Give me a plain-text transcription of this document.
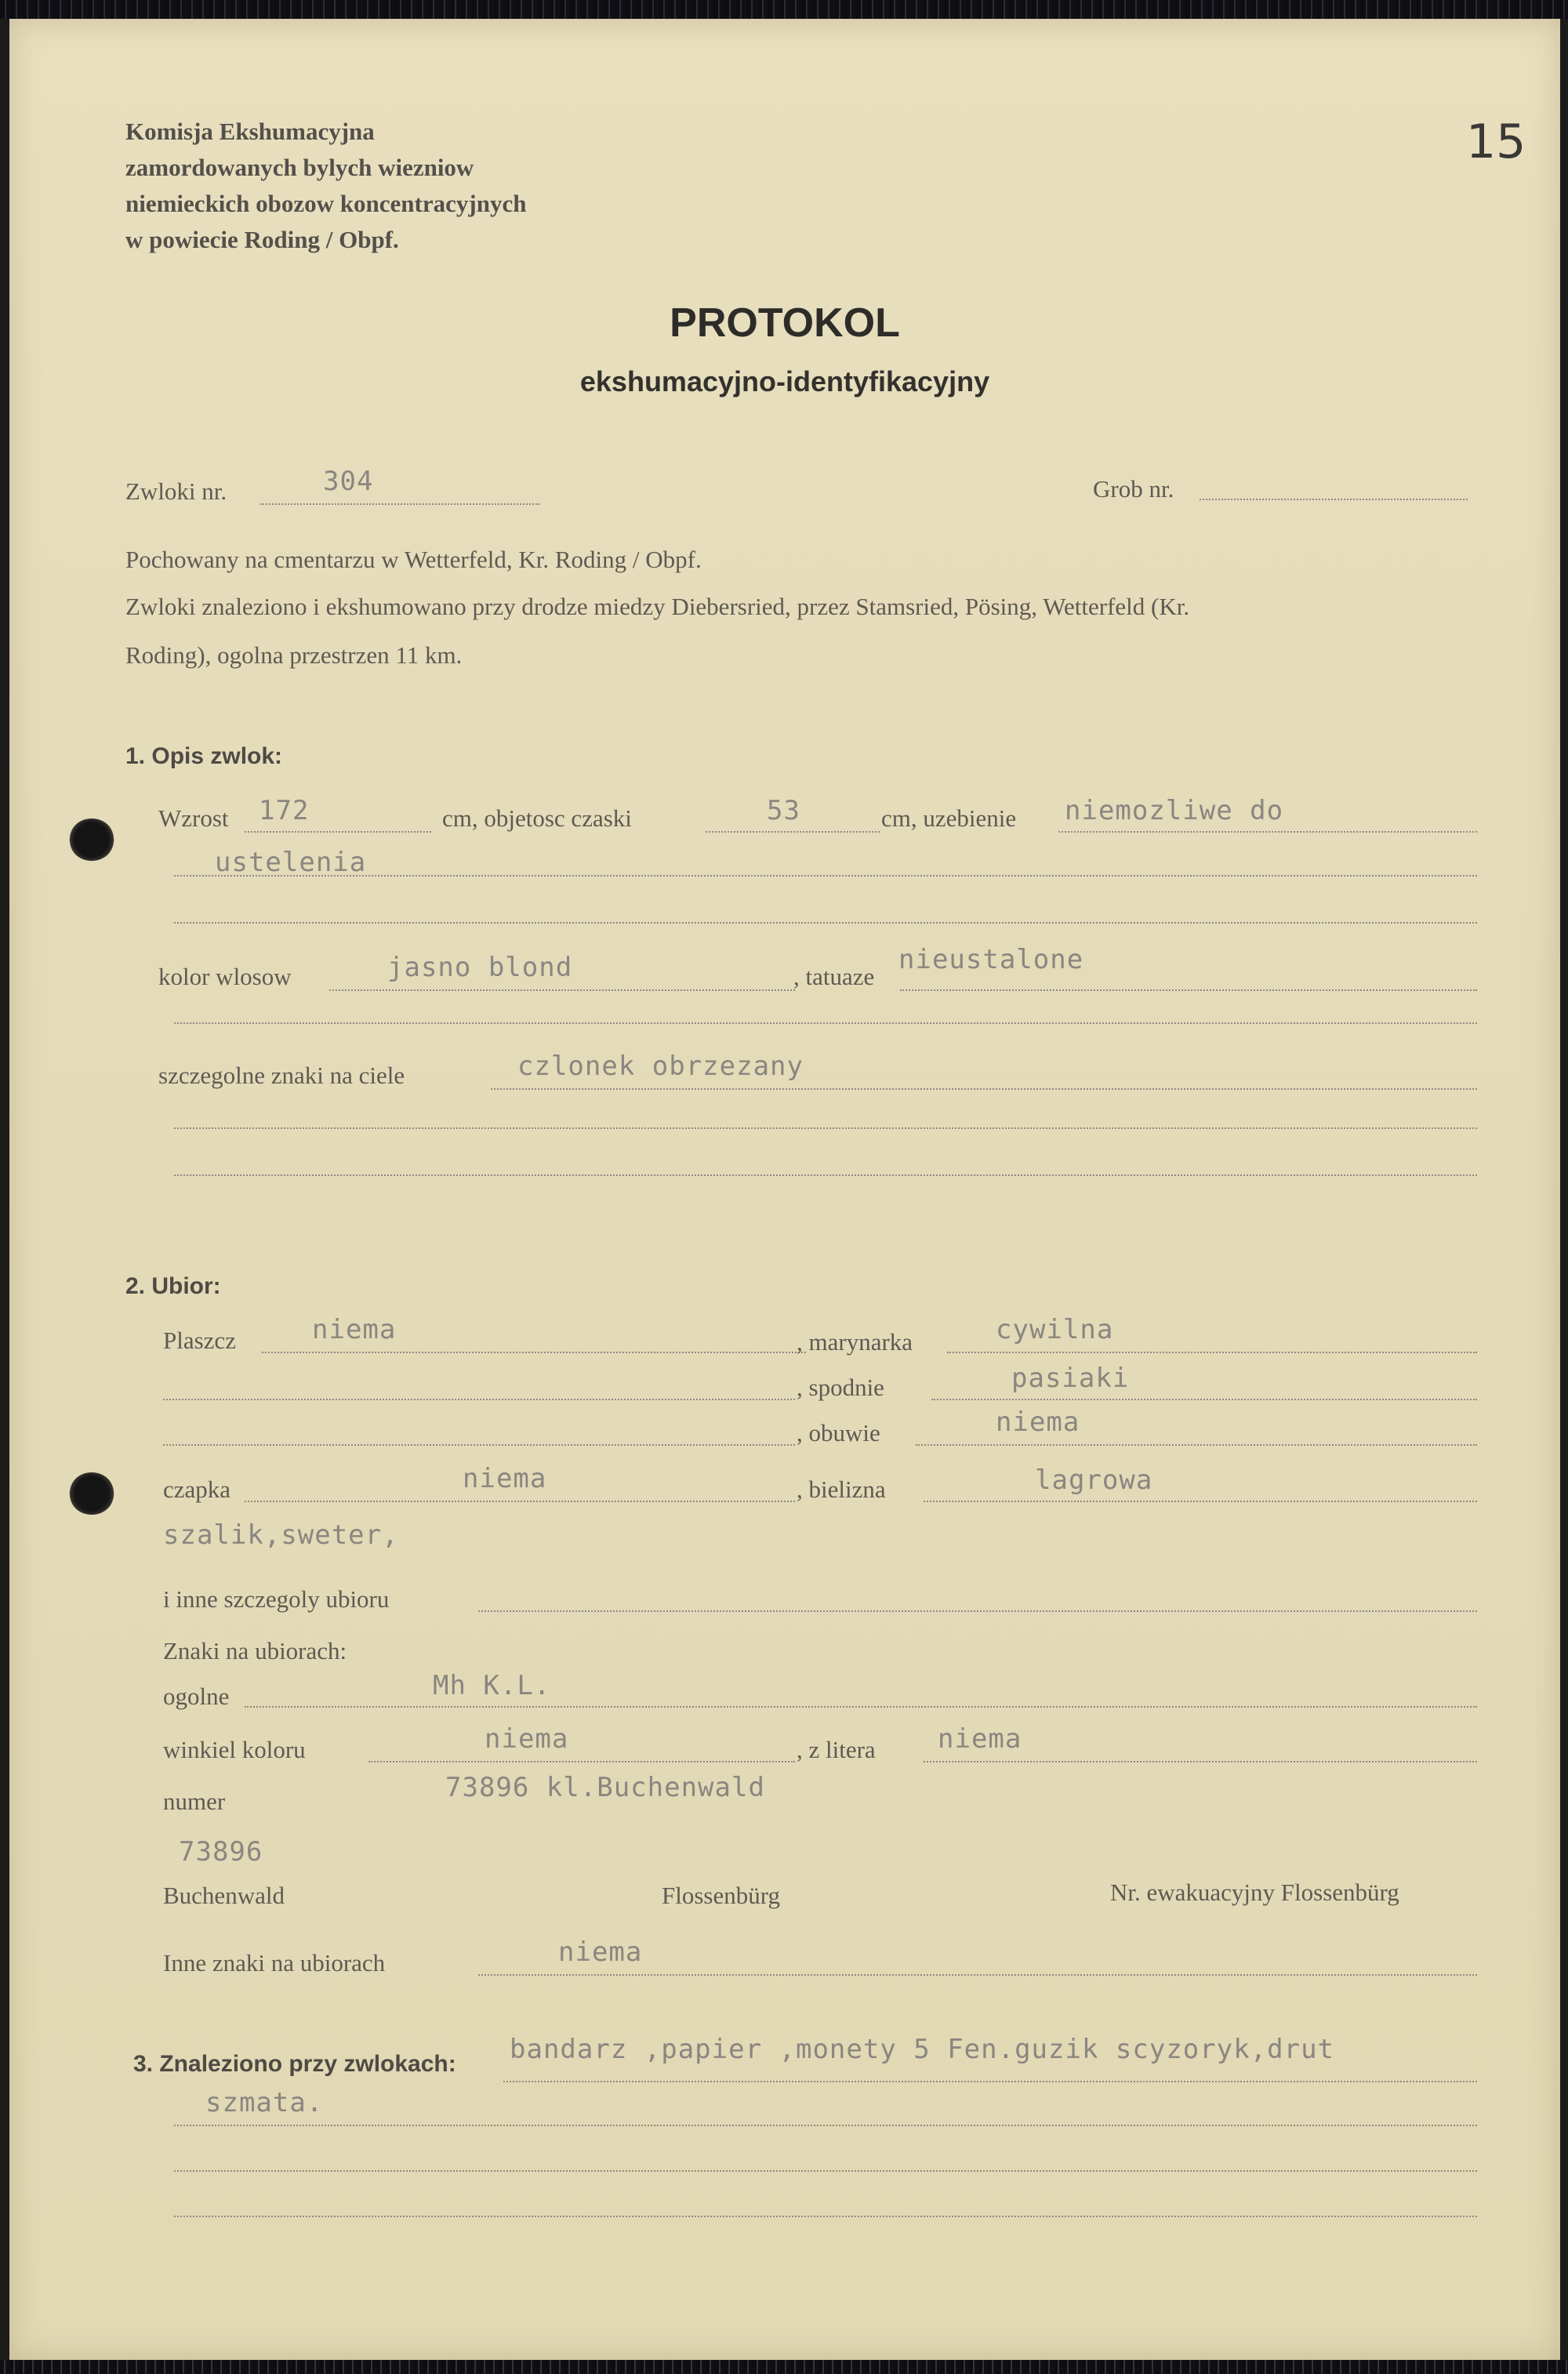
Komisja Ekshumacyjna
zamordowanych bylych wiezniow
niemieckich obozow koncentracyjnych
w powiecie Roding / Obpf.
15
PROTOKOL
ekshumacyjno-identyfikacyjny
Zwloki nr.	304	Grob nr.
Pochowany na cmentarzu w Wetterfeld, Kr. Roding / Obpf.
Zwloki znaleziono i ekshumowano przy drodze miedzy Diebersried, przez Stamsried, Pösing, Wetterfeld (Kr.
Roding), ogolna przestrzen 11 km.
1. Opis zwlok:
Wzrost 172	cm, objetosc czaski	53	cm, uzebienie niemozliwe do
ustelenia
kolor wlosow	jasno blond	, tatuaze
nieustalone
szczegolne znaki na ciele	czlonek obrzezany
2. Ubior:
Plaszcz	niema	, marynarka	cywilna
, spodnie	pasiaki
, obuwie	niema
czapka	niema	, bielizna	lagrowa
szalik,sweter,
i inne szczegoly ubioru
Znaki na ubiorach:
ogolne	Mh K.L.
winkiel koloru	niema	, z litera niema
numer	73896 kl.Buchenwald
73896
Buchenwald	Flossenbürg	Nr. ewakuacyjny Flossenbürg
Inne znaki na ubiorach	niema
3. Znaleziono przy zwlokach: bandarz ,papier ,monety 5 Fen.guzik scyzoryk,drut
szmata.
